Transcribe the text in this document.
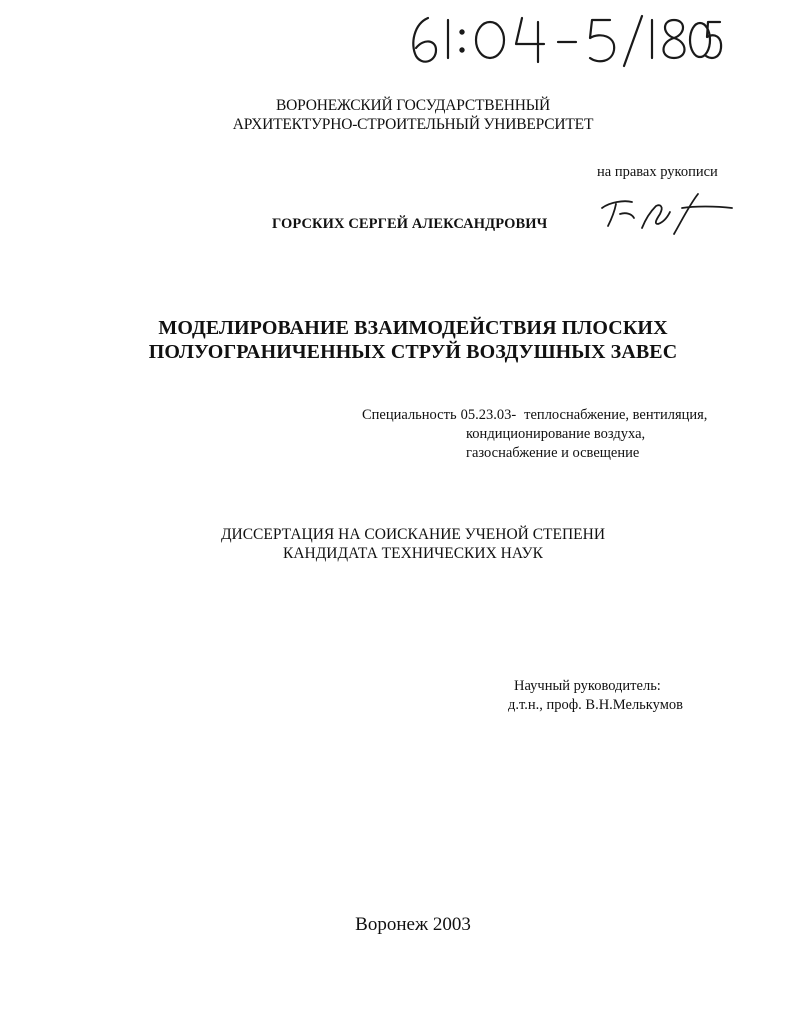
ВОРОНЕЖСКИЙ ГОСУДАРСТВЕННЫЙ
АРХИТЕКТУРНО-СТРОИТЕЛЬНЫЙ УНИВЕРСИТЕТ
на правах рукописи
ГОРСКИХ СЕРГЕЙ АЛЕКСАНДРОВИЧ
МОДЕЛИРОВАНИЕ ВЗАИМОДЕЙСТВИЯ ПЛОСКИХ
ПОЛУОГРАНИЧЕННЫХ СТРУЙ ВОЗДУШНЫХ ЗАВЕС
Специальность 05.23.03- теплоснабжение, вентиляция,
кондиционирование воздуха,
газоснабжение и освещение
ДИССЕРТАЦИЯ НА СОИСКАНИЕ УЧЕНОЙ СТЕПЕНИ
КАНДИДАТА ТЕХНИЧЕСКИХ НАУК
Научный руководитель:
д.т.н., проф. В.Н.Мелькумов
Воронеж 2003
